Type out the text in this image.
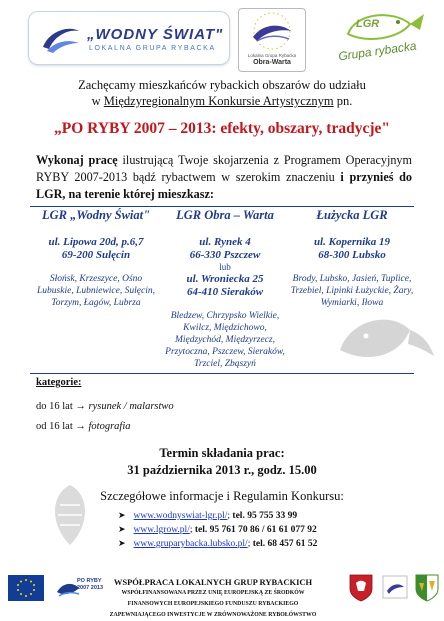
„WODNY ŚWIAT"
LOKALNA GRUPA RYBACKA
Lokalna Grupa Rybacka
Obra-Warta
LGR
Grupa rybacka
Zachęcamy mieszkańców rybackich obszarów do udziału
w Międzyregionalnym Konkursie Artystycznym pn.
„PO RYBY 2007 – 2013: efekty, obszary, tradycje"
Wykonaj pracę ilustrującą Twoje skojarzenia z Programem Operacyjnym RYBY 2007-2013 bądź rybactwem w szerokim znaczeniu i przynieś do LGR, na terenie której mieszkasz:
LGR „Wodny Świat"
ul. Lipowa 20d, p.6,7
69-200 Sulęcin
Słońsk, Krzeszyce, Ośno Lubuskie, Lubniewice, Sulęcin, Torzym, Łagów, Lubrza
LGR Obra – Warta
ul. Rynek 4
66-330 Pszczew
lub
ul. Wroniecka 25
64-410 Sieraków
Bledzew, Chrzypsko Wielkie, Kwilcz, Międzichowo, Międzychód, Międzyrzecz, Przytoczna, Pszczew, Sieraków, Trzciel, Zbąszyń
Łużycka LGR
ul. Kopernika 19
68-300 Lubsko
Brody, Lubsko, Jasień, Tuplice, Trzebiel, Lipinki Łużyckie, Żary, Wymiarki, Iłowa
kategorie:
do 16 lat → rysunek / malarstwo
od 16 lat → fotografia
Termin składania prac:
31 października 2013 r., godz. 15.00
Szczegółowe informacje i Regulamin Konkursu:
➤ www.wodnyswiat-lgr.pl/; tel. 95 755 33 99
➤ www.lgrow.pl/; tel. 95 761 70 86 / 61 61 077 92
➤ www.gruparybacka.lubsko.pl/; tel. 68 457 61 52
PO RYBY
2007 2013
WSPÓŁPRACA LOKALNYCH GRUP RYBACKICH
WSPÓŁFINANSOWANA PRZEZ UNIĘ EUROPEJSKĄ ZE ŚRODKÓW
FINANSOWYCH EUROPEJSKIEGO FUNDUSZU RYBACKIEGO
ZAPEWNIAJĄCEGO INWESTYCJE W ZRÓWNOWAŻONE RYBOŁÓWSTWO
